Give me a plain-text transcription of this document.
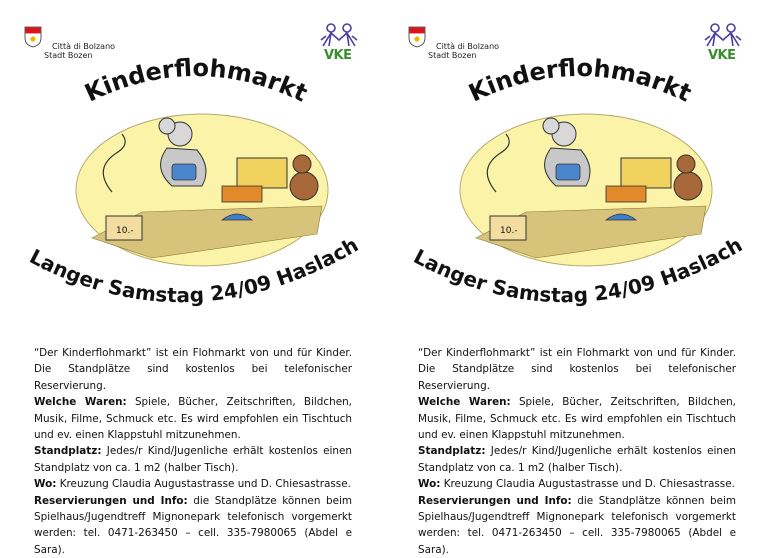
Città di Bolzano
Stadt Bozen	VKE
Kinderflohmarkt
10.-
“Langer Samstag 24/09 Haslach”

“Der Kinderflohmarkt” ist ein Flohmarkt von und für Kinder. Die Standplätze sind kostenlos bei telefonischer Reservierung.

Welche Waren: Spiele, Bücher, Zeitschriften, Bildchen, Musik, Filme, Schmuck etc. Es wird empfohlen ein Tischtuch und ev. einen Klappstuhl mitzunehmen.

Standplatz: Jedes/r Kind/Jugenliche erhält kostenlos einen Standplatz von ca. 1 m2 (halber Tisch).

Wo: Kreuzung Claudia Augustastrasse und D. Chiesastrasse.

Reservierungen und Info: die Standplätze können beim Spielhaus/Jugendtreff Mignonepark telefonisch vorgemerkt werden: tel. 0471-263450 – cell. 335-7980065 (Abdel e Sara).

Città di Bolzano
Stadt Bozen	VKE
Kinderflohmarkt
10.-
“Langer Samstag 24/09 Haslach”

“Der Kinderflohmarkt” ist ein Flohmarkt von und für Kinder. Die Standplätze sind kostenlos bei telefonischer Reservierung.

Welche Waren: Spiele, Bücher, Zeitschriften, Bildchen, Musik, Filme, Schmuck etc. Es wird empfohlen ein Tischtuch und ev. einen Klappstuhl mitzunehmen.

Standplatz: Jedes/r Kind/Jugenliche erhält kostenlos einen Standplatz von ca. 1 m2 (halber Tisch).

Wo: Kreuzung Claudia Augustastrasse und D. Chiesastrasse.

Reservierungen und Info: die Standplätze können beim Spielhaus/Jugendtreff Mignonepark telefonisch vorgemerkt werden: tel. 0471-263450 – cell. 335-7980065 (Abdel e Sara).
